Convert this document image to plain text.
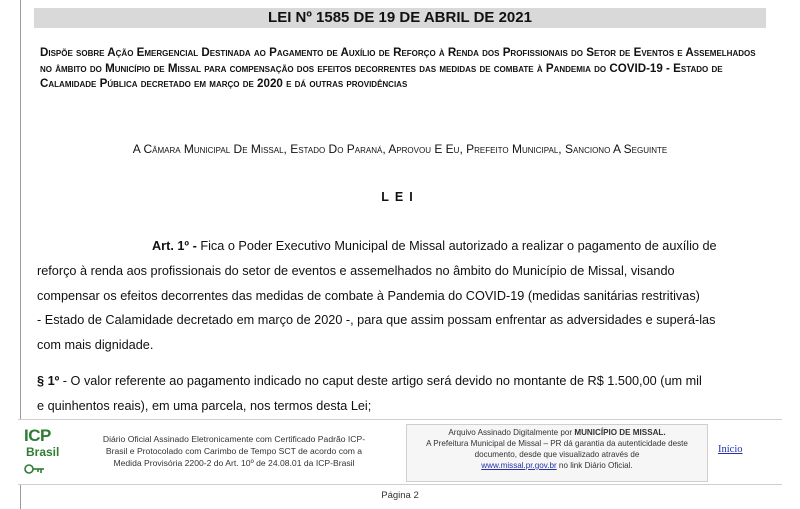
LEI Nº 1585 DE 19 DE ABRIL DE 2021
Dispõe sobre Ação Emergencial Destinada ao Pagamento de Auxílio de Reforço à Renda dos Profissionais do Setor de Eventos e Assemelhados no âmbito do Município de Missal para compensação dos efeitos decorrentes das medidas de combate à Pandemia do COVID-19 - Estado de Calamidade Pública decretado em março de 2020 e dá outras providências
A Câmara Municipal De Missal, Estado Do Paraná, Aprovou E Eu, Prefeito Municipal, Sanciono A Seguinte
LEI
Art. 1º - Fica o Poder Executivo Municipal de Missal autorizado a realizar o pagamento de auxílio de
reforço à renda aos profissionais do setor de eventos e assemelhados no âmbito do Município de Missal, visando
compensar os efeitos decorrentes das medidas de combate à Pandemia do COVID-19 (medidas sanitárias restritivas)
- Estado de Calamidade decretado em março de 2020 -, para que assim possam enfrentar as adversidades e superá-las
com mais dignidade.
§ 1º - O valor referente ao pagamento indicado no caput deste artigo será devido no montante de R$ 1.500,00 (um mil
e quinhentos reais), em uma parcela, nos termos desta Lei;
ICP
Brasil
Diário Oficial Assinado Eletronicamente com Certificado Padrão ICP-
Brasil e Protocolado com Carimbo de Tempo SCT de acordo com a
Medida Provisória 2200-2 do Art. 10º de 24.08.01 da ICP-Brasil
Arquivo Assinado Digitalmente por MUNICÍPIO DE MISSAL.
A Prefeitura Municipal de Missal – PR dá garantia da autenticidade deste
documento, desde que visualizado através de
www.missal.pr.gov.br no link Diário Oficial.
Início
Página 2
